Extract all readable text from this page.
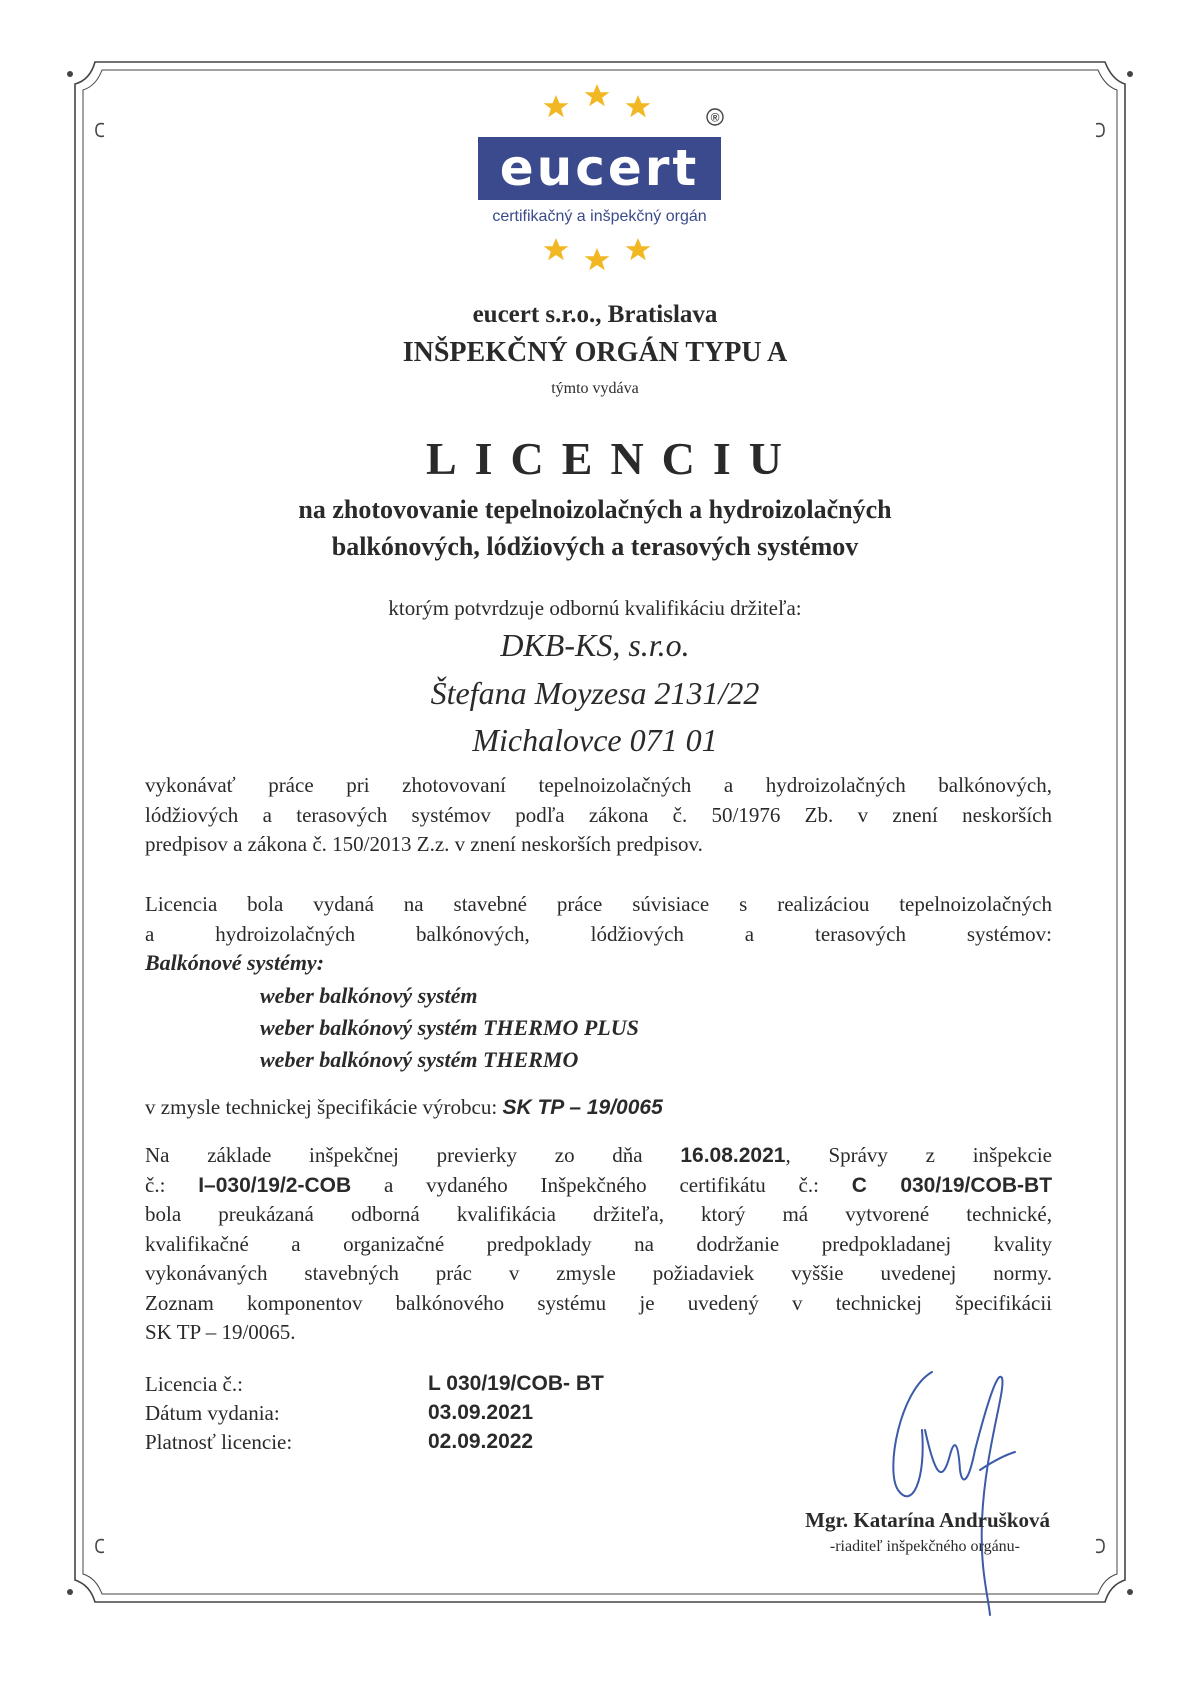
eucert
®
certifikačný a inšpekčný orgán
eucert s.r.o., Bratislava
INŠPEKČNÝ ORGÁN TYPU A
týmto vydáva
LICENCIU
na zhotovovanie tepelnoizolačných a hydroizolačných
balkónových, lódžiových a terasových systémov
ktorým potvrdzuje odbornú kvalifikáciu držiteľa:
DKB-KS, s.r.o.
Štefana Moyzesa 2131/22
Michalovce 071 01
vykonávať práce pri zhotovovaní tepelnoizolačných a hydroizolačných balkónových,
lódžiových a terasových systémov podľa zákona č. 50/1976 Zb. v znení neskorších
predpisov a zákona č. 150/2013 Z.z. v znení neskorších predpisov.
Licencia bola vydaná na stavebné práce súvisiace s realizáciou tepelnoizolačných
a hydroizolačných balkónových, lódžiových a terasových systémov:
Balkónové systémy:
weber balkónový systém
weber balkónový systém THERMO PLUS
weber balkónový systém THERMO
v zmysle technickej špecifikácie výrobcu: SK TP – 19/0065
Na základe inšpekčnej previerky zo dňa 16.08.2021, Správy z inšpekcie
č.: I–030/19/2-COB a vydaného Inšpekčného certifikátu č.: C 030/19/COB-BT
bola preukázaná odborná kvalifikácia držiteľa, ktorý má vytvorené technické,
kvalifikačné a organizačné predpoklady na dodržanie predpokladanej kvality
vykonávaných stavebných prác v zmysle požiadaviek vyššie uvedenej normy.
Zoznam komponentov balkónového systému je uvedený v technickej špecifikácii
SK TP – 19/0065.
Licencia č.:	L 030/19/COB- BT
Dátum vydania:	03.09.2021
Platnosť licencie:	02.09.2022
Mgr. Katarína Andrušková
-riaditeľ inšpekčného orgánu-
